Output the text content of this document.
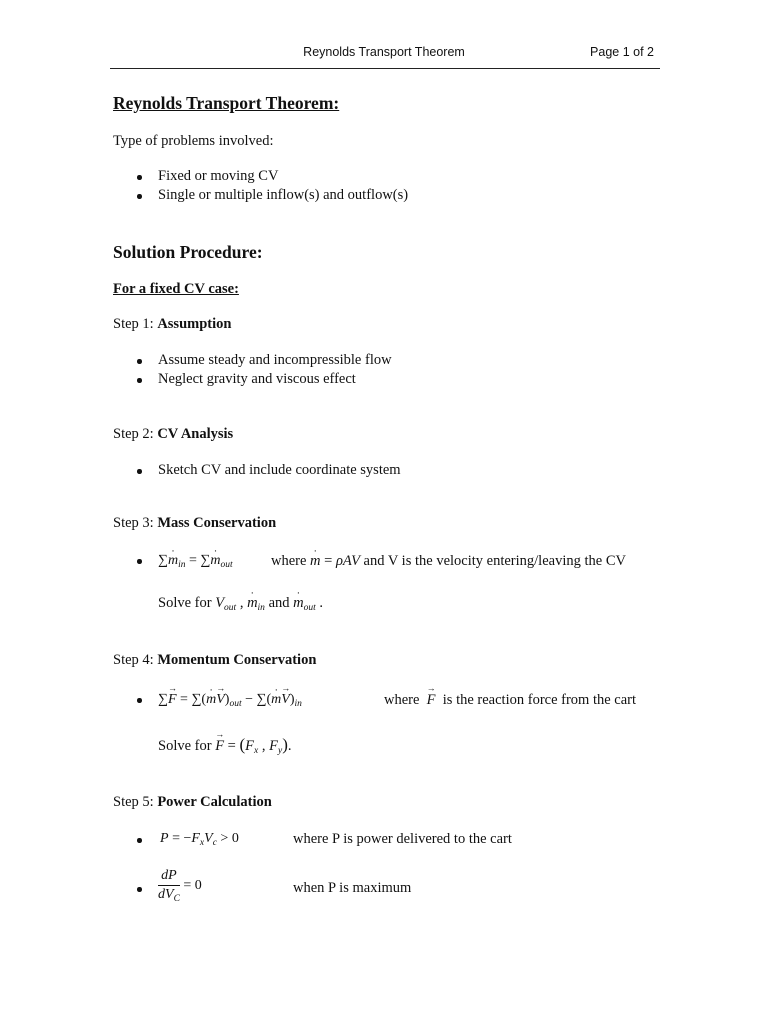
Reynolds Transport Theorem	Page 1 of 2
Reynolds Transport Theorem:
Type of problems involved:
Fixed or moving CV
Single or multiple inflow(s) and outflow(s)
Solution Procedure:
For a fixed CV case:
Step 1: Assumption
Assume steady and incompressible flow
Neglect gravity and viscous effect
Step 2: CV Analysis
Sketch CV and include coordinate system
Step 3: Mass Conservation
∑˙ $m_{in}$ = ∑˙ $m_{out}$	where ˙ m = ρAV and V is the velocity entering/leaving the CV
Solve for $V_{out}$ , ˙ $m_{in}$ and ˙ $m_{out}$ .
Step 4: Momentum Conservation
∑→ F = ∑(˙ $m\to V)_{out}$ − ∑(˙ $m\to V)_{in}$	where → F is the reaction force from the cart
Solve for → $F = (F_x$ , $F_y$).
Step 5: Power Calculation
$P = -F_xV_c > 0$	where P is power delivered to the cart
$\frac{dP}{dV_C} = 0$	when P is maximum
